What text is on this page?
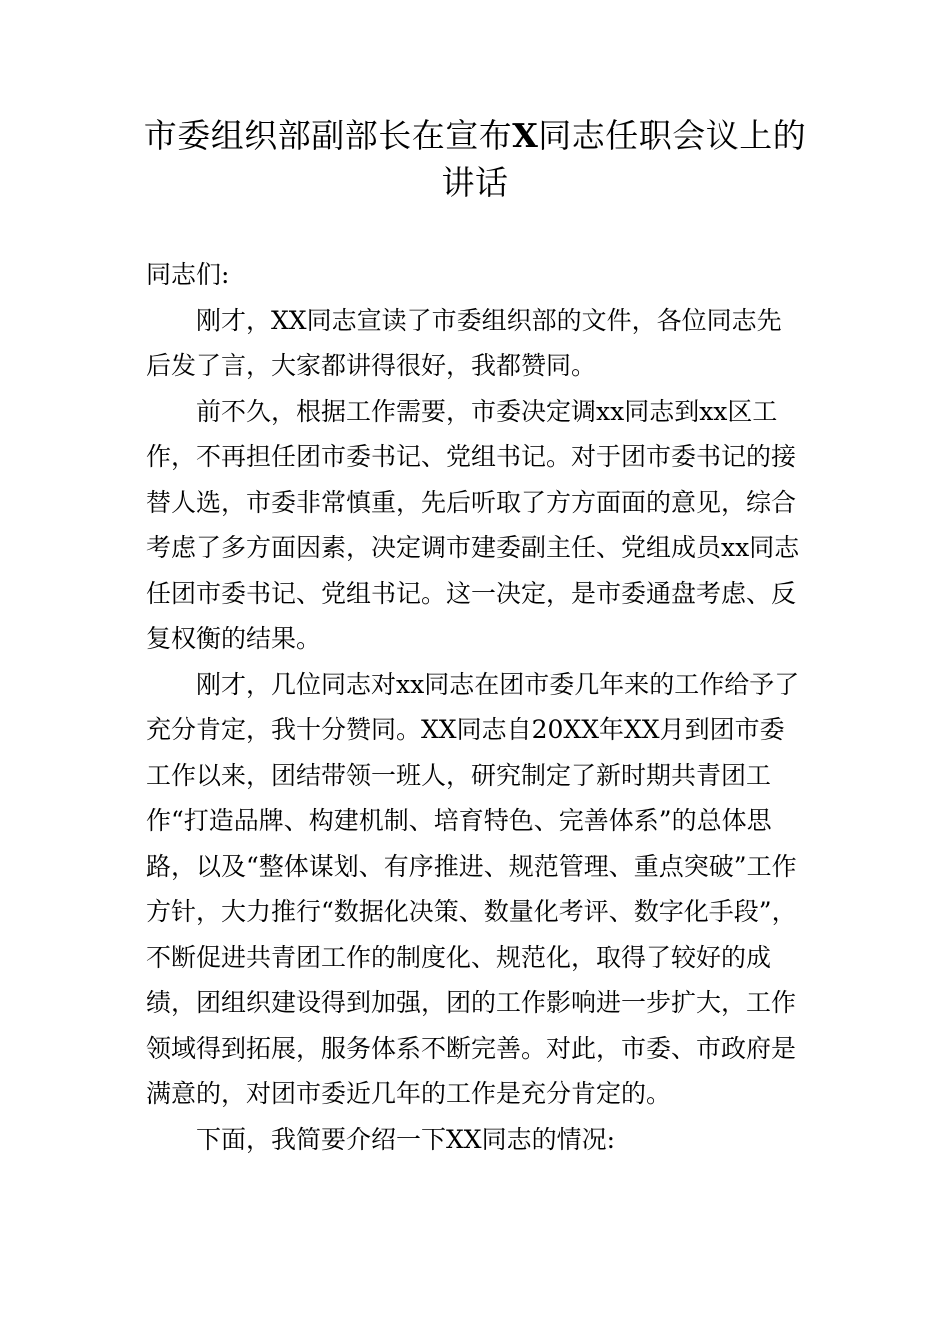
市委组织部副部长在宣布X同志任职会议上的讲话

同志们:

刚才，XX同志宣读了市委组织部的文件，各位同志先后发了言，大家都讲得很好，我都赞同。

前不久，根据工作需要，市委决定调xx同志到xx区工作，不再担任团市委书记、党组书记。对于团市委书记的接替人选，市委非常慎重，先后听取了方方面面的意见，综合考虑了多方面因素，决定调市建委副主任、党组成员xx同志任团市委书记、党组书记。这一决定，是市委通盘考虑、反复权衡的结果。

刚才，几位同志对xx同志在团市委几年来的工作给予了充分肯定，我十分赞同。XX同志自20XX年XX月到团市委工作以来，团结带领一班人，研究制定了新时期共青团工作“打造品牌、构建机制、培育特色、完善体系”的总体思路，以及“整体谋划、有序推进、规范管理、重点突破”工作方针，大力推行“数据化决策、数量化考评、数字化手段”，不断促进共青团工作的制度化、规范化，取得了较好的成绩，团组织建设得到加强，团的工作影响进一步扩大，工作领域得到拓展，服务体系不断完善。对此，市委、市政府是满意的，对团市委近几年的工作是充分肯定的。

下面，我简要介绍一下XX同志的情况:
